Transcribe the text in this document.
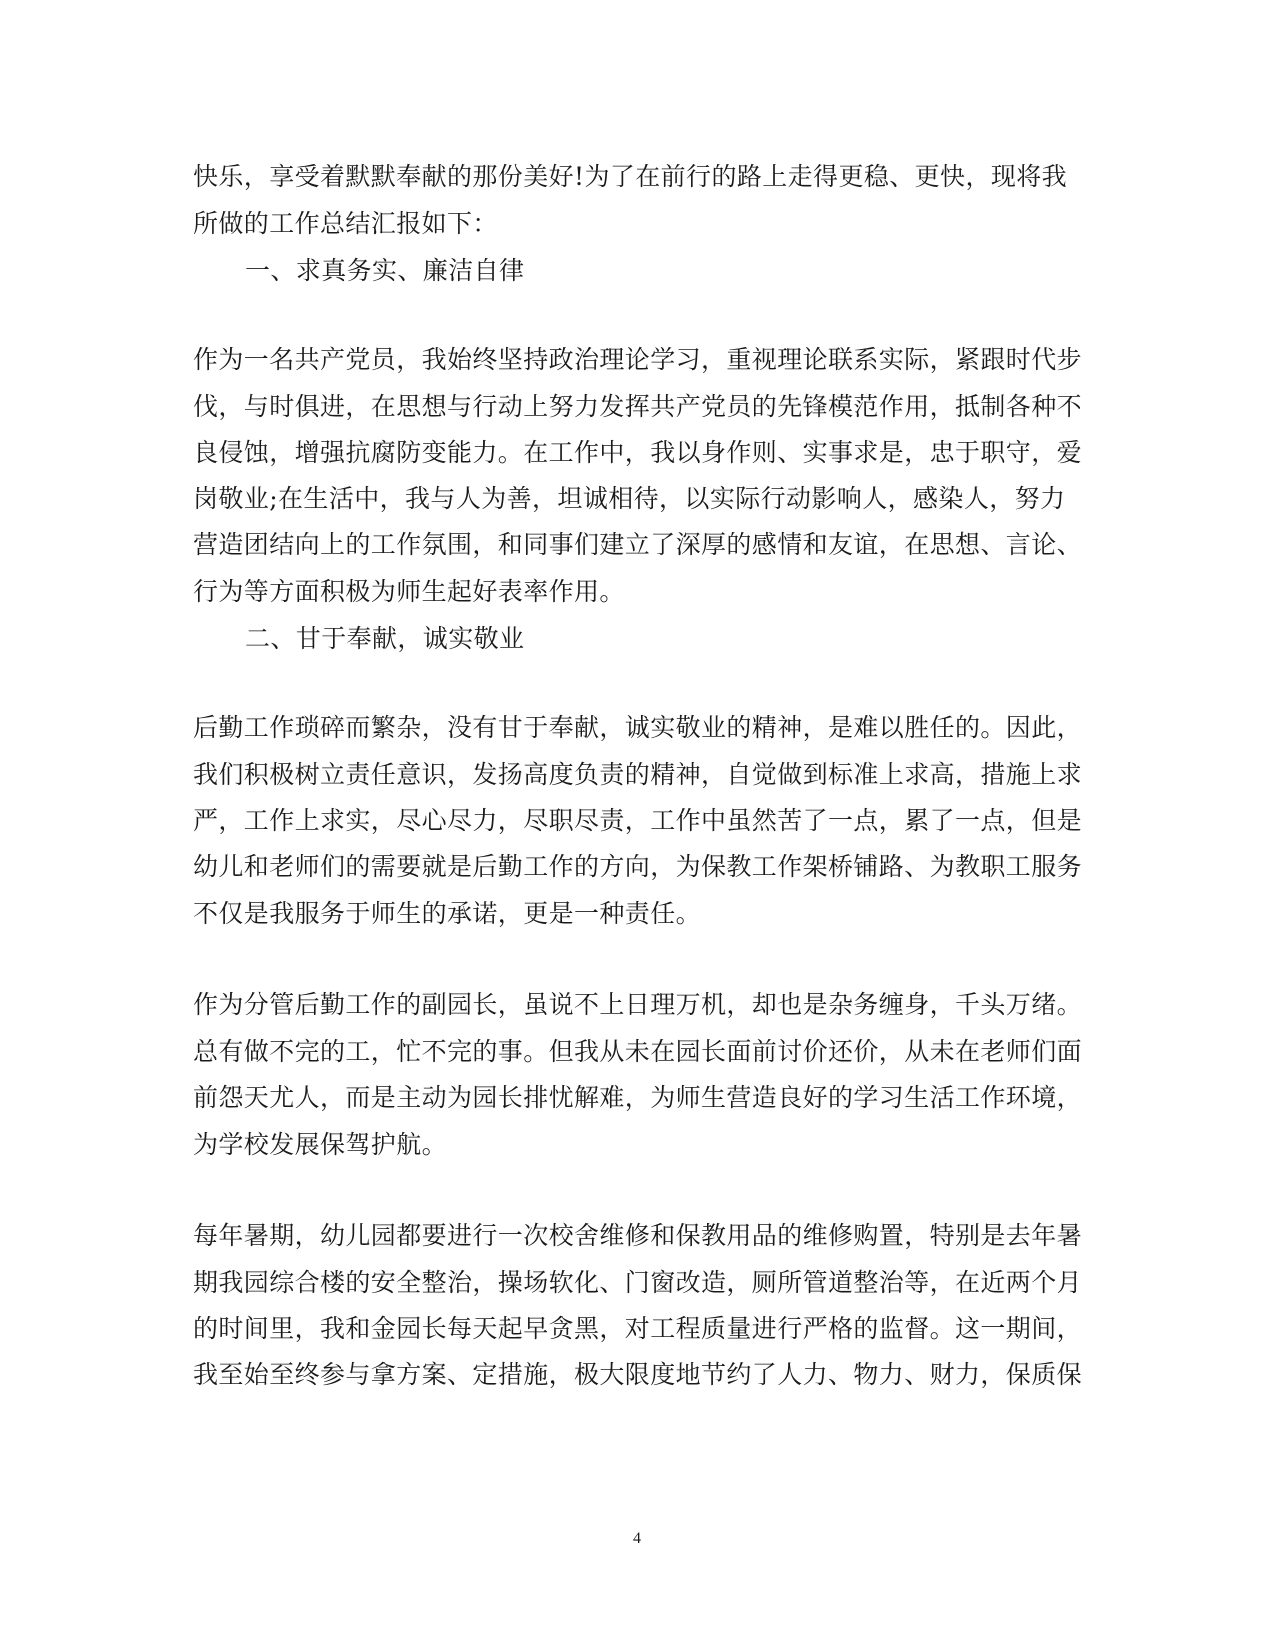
快乐，享受着默默奉献的那份美好!为了在前行的路上走得更稳、更快，现将我
所做的工作总结汇报如下：
一、求真务实、廉洁自律
作为一名共产党员，我始终坚持政治理论学习，重视理论联系实际，紧跟时代步
伐，与时俱进，在思想与行动上努力发挥共产党员的先锋模范作用，抵制各种不
良侵蚀，增强抗腐防变能力。在工作中，我以身作则、实事求是，忠于职守，爱
岗敬业;在生活中，我与人为善，坦诚相待，以实际行动影响人，感染人，努力
营造团结向上的工作氛围，和同事们建立了深厚的感情和友谊，在思想、言论、
行为等方面积极为师生起好表率作用。
二、甘于奉献，诚实敬业
后勤工作琐碎而繁杂，没有甘于奉献，诚实敬业的精神，是难以胜任的。因此，
我们积极树立责任意识，发扬高度负责的精神，自觉做到标准上求高，措施上求
严，工作上求实，尽心尽力，尽职尽责，工作中虽然苦了一点，累了一点，但是
幼儿和老师们的需要就是后勤工作的方向，为保教工作架桥铺路、为教职工服务
不仅是我服务于师生的承诺，更是一种责任。
作为分管后勤工作的副园长，虽说不上日理万机，却也是杂务缠身，千头万绪。
总有做不完的工，忙不完的事。但我从未在园长面前讨价还价，从未在老师们面
前怨天尤人，而是主动为园长排忧解难，为师生营造良好的学习生活工作环境，
为学校发展保驾护航。
每年暑期，幼儿园都要进行一次校舍维修和保教用品的维修购置，特别是去年暑
期我园综合楼的安全整治，操场软化、门窗改造，厕所管道整治等，在近两个月
的时间里，我和金园长每天起早贪黑，对工程质量进行严格的监督。这一期间，
我至始至终参与拿方案、定措施，极大限度地节约了人力、物力、财力，保质保
4
